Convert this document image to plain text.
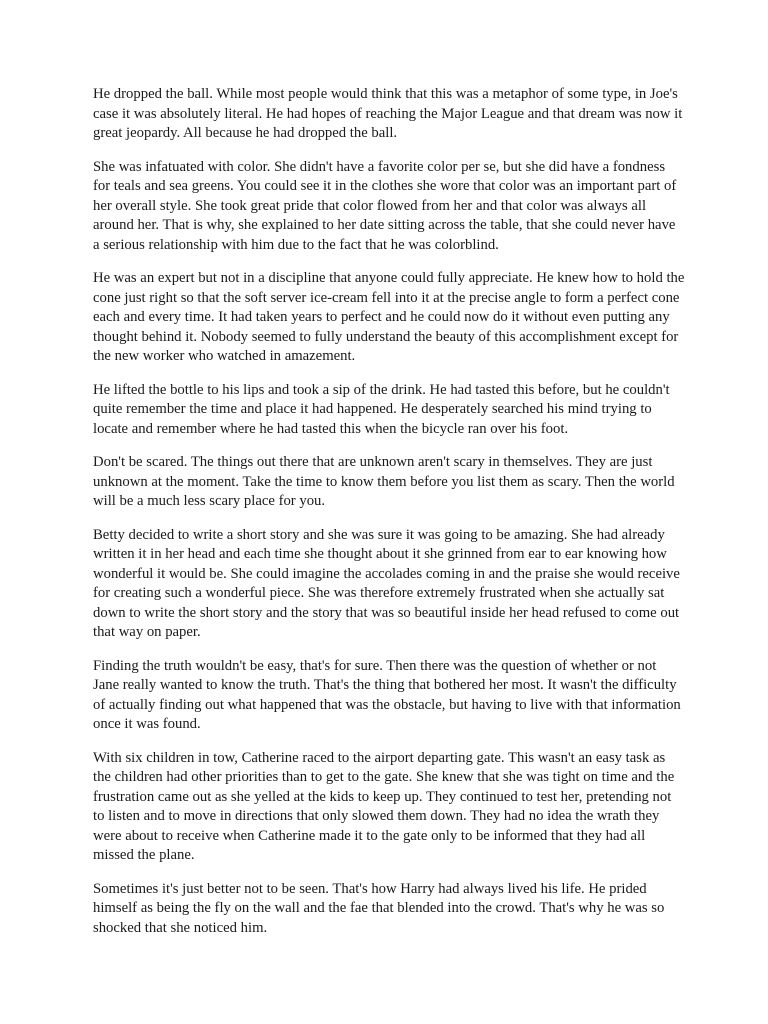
He dropped the ball. While most people would think that this was a metaphor of some type, in Joe's case it was absolutely literal. He had hopes of reaching the Major League and that dream was now it great jeopardy. All because he had dropped the ball.

She was infatuated with color. She didn't have a favorite color per se, but she did have a fondness for teals and sea greens. You could see it in the clothes she wore that color was an important part of her overall style. She took great pride that color flowed from her and that color was always all around her. That is why, she explained to her date sitting across the table, that she could never have a serious relationship with him due to the fact that he was colorblind.

He was an expert but not in a discipline that anyone could fully appreciate. He knew how to hold the cone just right so that the soft server ice-cream fell into it at the precise angle to form a perfect cone each and every time. It had taken years to perfect and he could now do it without even putting any thought behind it. Nobody seemed to fully understand the beauty of this accomplishment except for the new worker who watched in amazement.

He lifted the bottle to his lips and took a sip of the drink. He had tasted this before, but he couldn't quite remember the time and place it had happened. He desperately searched his mind trying to locate and remember where he had tasted this when the bicycle ran over his foot.

Don't be scared. The things out there that are unknown aren't scary in themselves. They are just unknown at the moment. Take the time to know them before you list them as scary. Then the world will be a much less scary place for you.

Betty decided to write a short story and she was sure it was going to be amazing. She had already written it in her head and each time she thought about it she grinned from ear to ear knowing how wonderful it would be. She could imagine the accolades coming in and the praise she would receive for creating such a wonderful piece. She was therefore extremely frustrated when she actually sat down to write the short story and the story that was so beautiful inside her head refused to come out that way on paper.

Finding the truth wouldn't be easy, that's for sure. Then there was the question of whether or not Jane really wanted to know the truth. That's the thing that bothered her most. It wasn't the difficulty of actually finding out what happened that was the obstacle, but having to live with that information once it was found.

With six children in tow, Catherine raced to the airport departing gate. This wasn't an easy task as the children had other priorities than to get to the gate. She knew that she was tight on time and the frustration came out as she yelled at the kids to keep up. They continued to test her, pretending not to listen and to move in directions that only slowed them down. They had no idea the wrath they were about to receive when Catherine made it to the gate only to be informed that they had all missed the plane.

Sometimes it's just better not to be seen. That's how Harry had always lived his life. He prided himself as being the fly on the wall and the fae that blended into the crowd. That's why he was so shocked that she noticed him.
